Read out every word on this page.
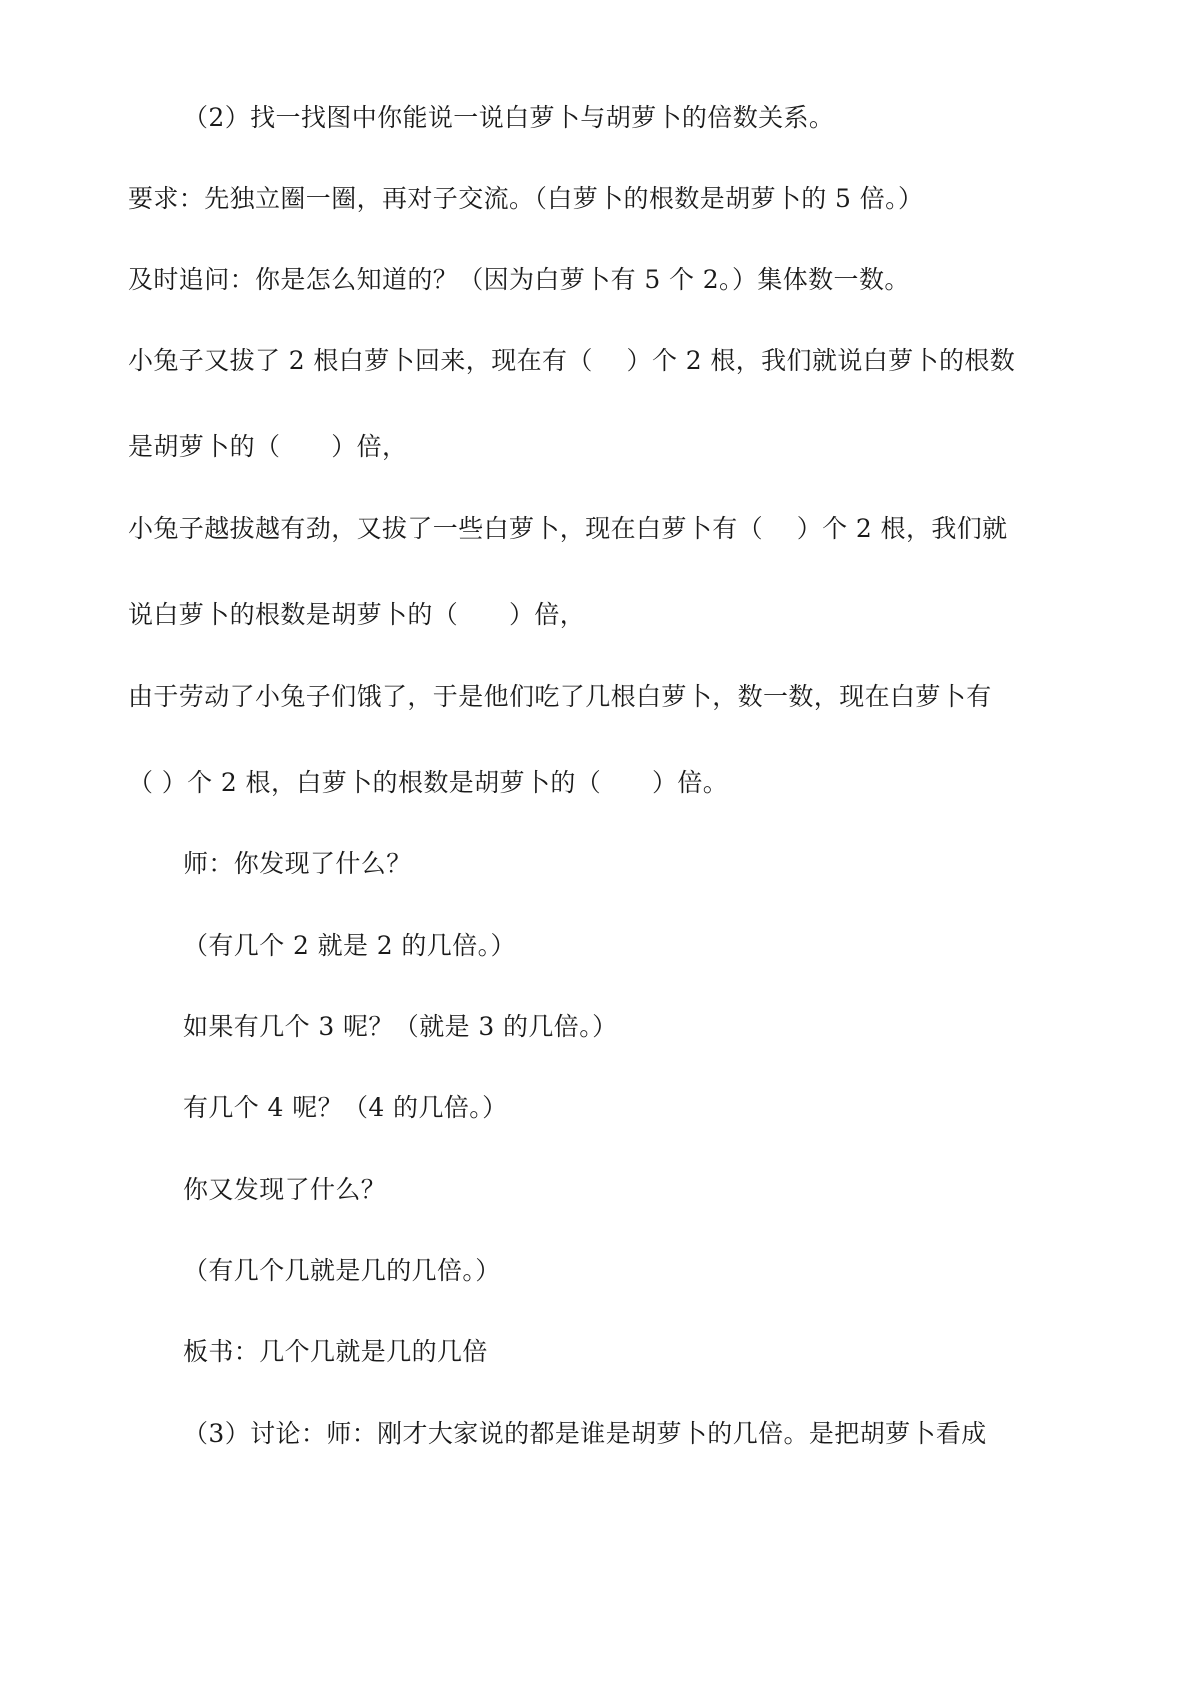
（2）找一找图中你能说一说白萝卜与胡萝卜的倍数关系。
要求：先独立圈一圈，再对子交流。（白萝卜的根数是胡萝卜的 5 倍。）
及时追问：你是怎么知道的？（因为白萝卜有 5 个 2。）集体数一数。
小兔子又拔了 2 根白萝卜回来，现在有（　 ）个 2 根，我们就说白萝卜的根数
是胡萝卜的（　　）倍，
小兔子越拔越有劲，又拔了一些白萝卜，现在白萝卜有（　 ）个 2 根，我们就
说白萝卜的根数是胡萝卜的（　　）倍，
由于劳动了小兔子们饿了，于是他们吃了几根白萝卜，数一数，现在白萝卜有
（ ）个 2 根，白萝卜的根数是胡萝卜的（　　）倍。
师：你发现了什么？
（有几个 2 就是 2 的几倍。）
如果有几个 3 呢？（就是 3 的几倍。）
有几个 4 呢？（4 的几倍。）
你又发现了什么？
（有几个几就是几的几倍。）
板书：几个几就是几的几倍
（3）讨论：师：刚才大家说的都是谁是胡萝卜的几倍。是把胡萝卜看成
